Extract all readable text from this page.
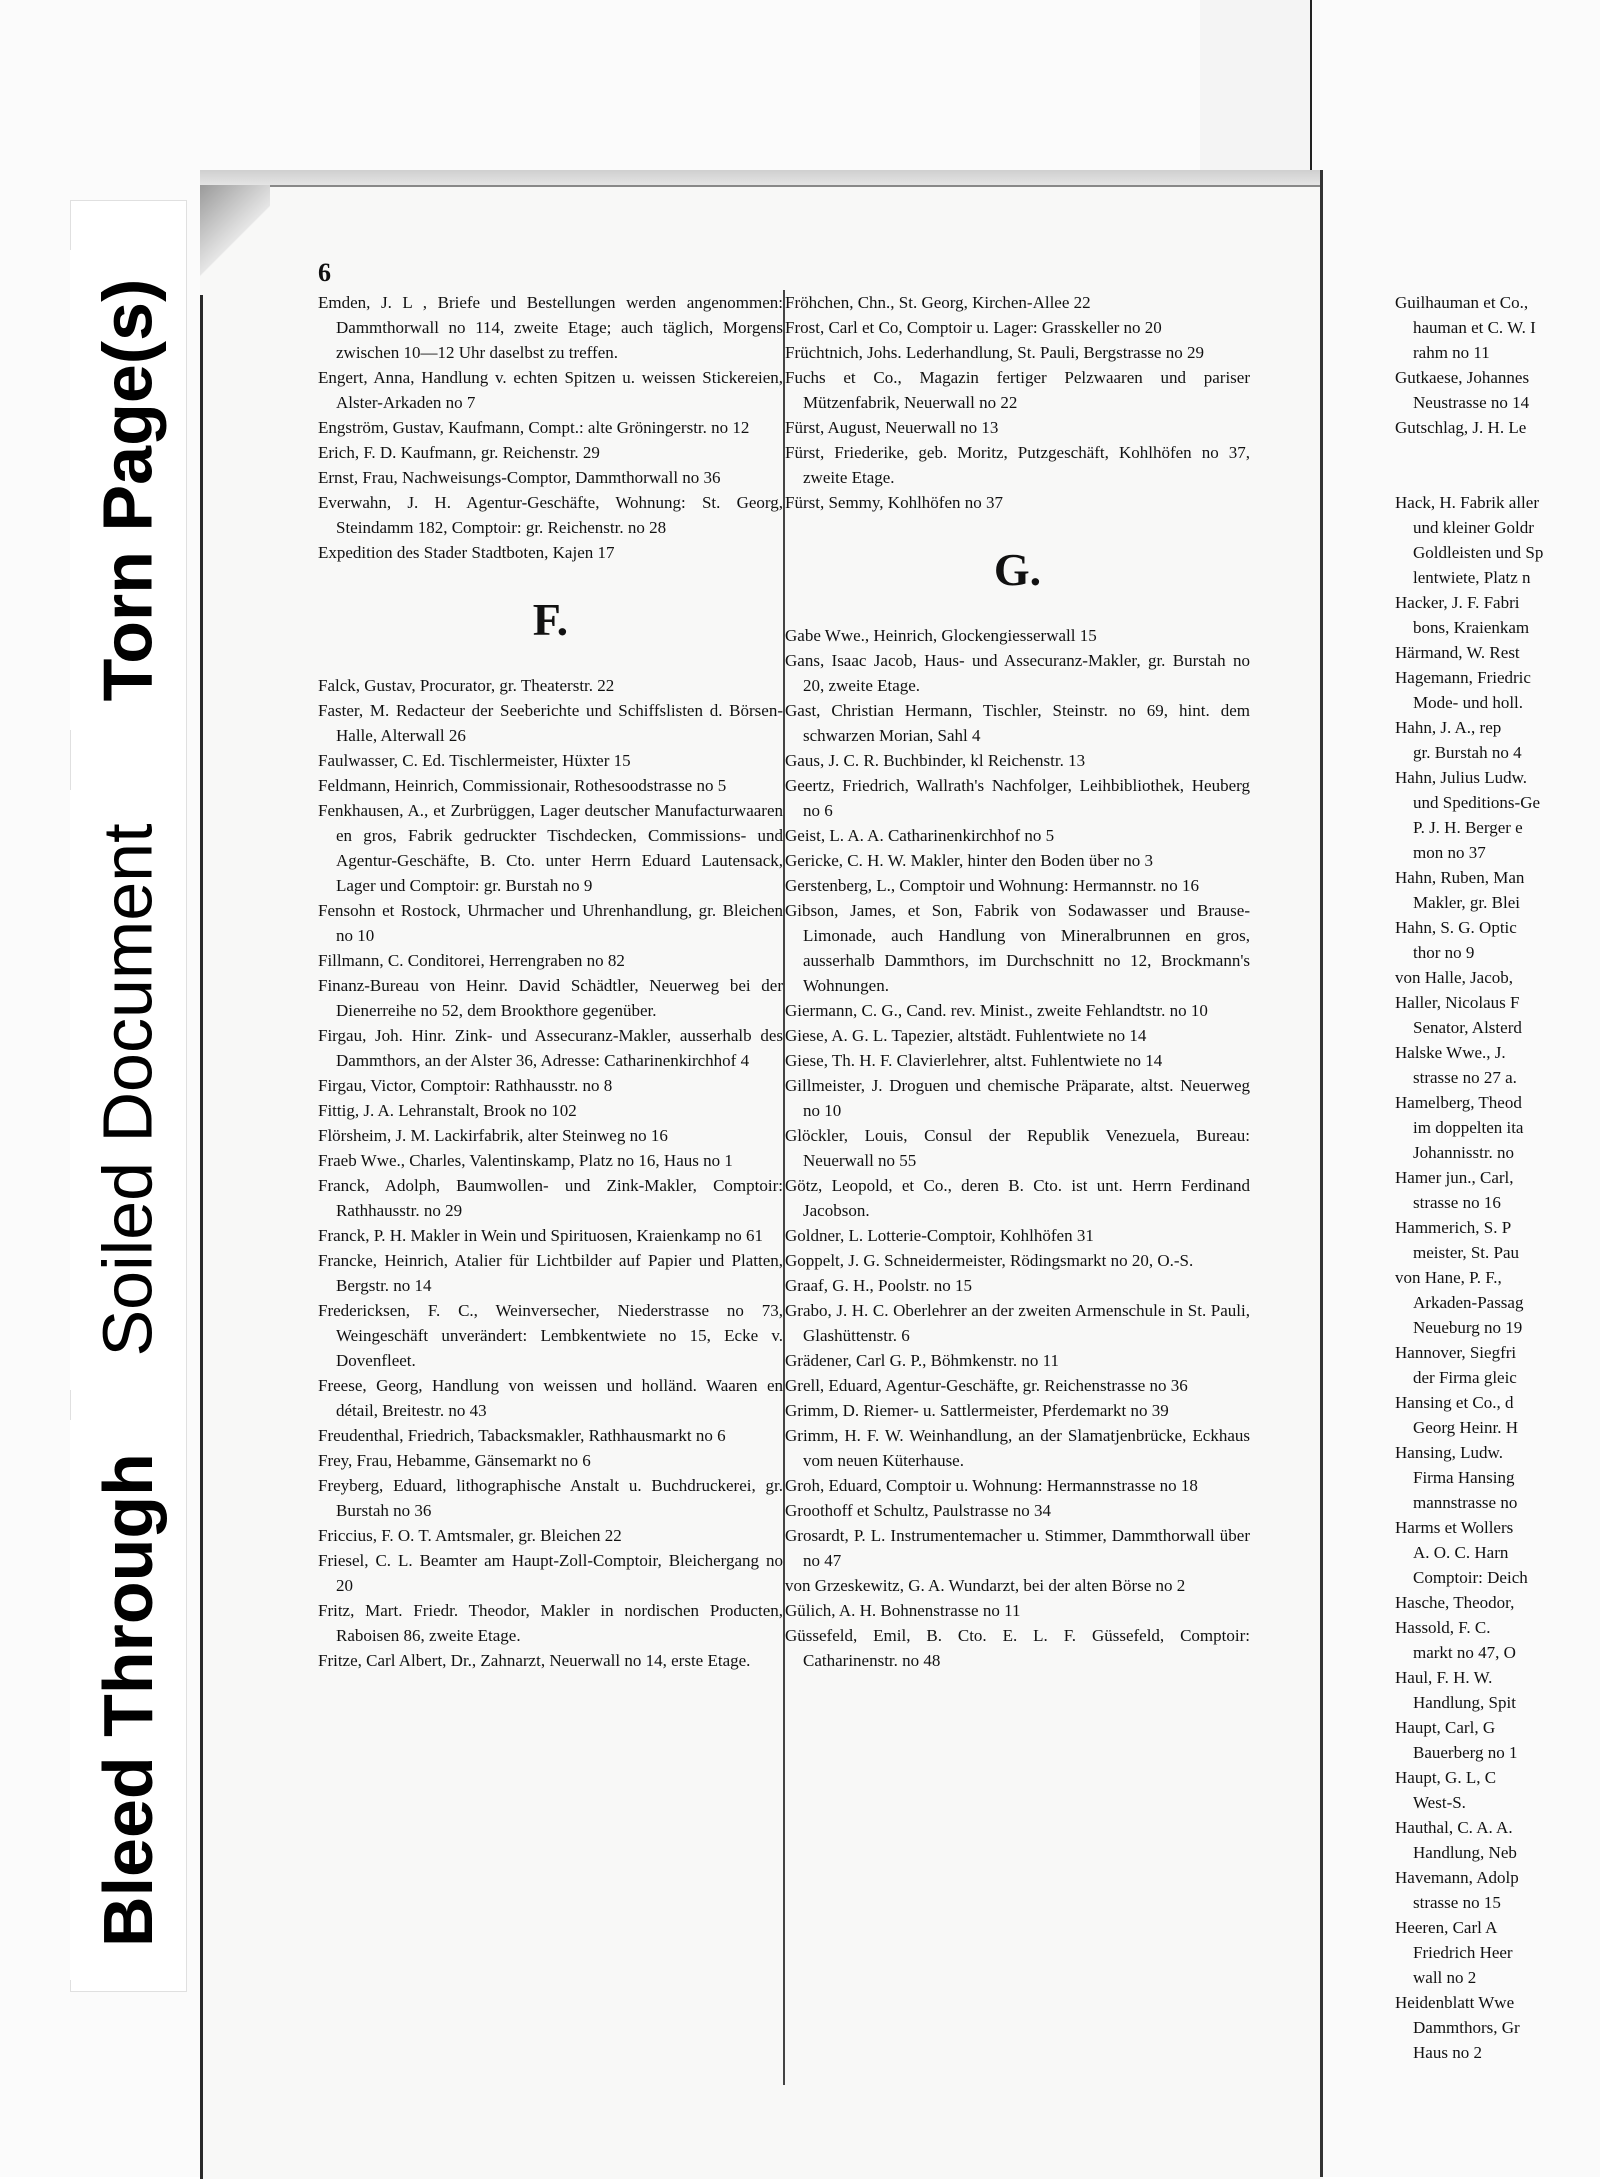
Torn Page(s)
Soiled Document
Bleed Through
6

Emden, J. L , Briefe und Bestellungen werden angenommen: Dammthorwall no 114, zweite Etage; auch täglich, Morgens zwischen 10—12 Uhr daselbst zu treffen.

Engert, Anna, Handlung v. echten Spitzen u. weissen Stickereien, Alster-Arkaden no 7

Engström, Gustav, Kaufmann, Compt.: alte Gröningerstr. no 12

Erich, F. D. Kaufmann, gr. Reichenstr. 29

Ernst, Frau, Nachweisungs-Comptor, Dammthorwall no 36

Everwahn, J. H. Agentur-Geschäfte, Wohnung: St. Georg, Steindamm 182, Comptoir: gr. Reichenstr. no 28

Expedition des Stader Stadtboten, Kajen 17

F.

Falck, Gustav, Procurator, gr. Theaterstr. 22

Faster, M. Redacteur der Seeberichte und Schiffslisten d. Börsen-Halle, Alterwall 26

Faulwasser, C. Ed. Tischlermeister, Hüxter 15

Feldmann, Heinrich, Commissionair, Rothesoodstrasse no 5

Fenkhausen, A., et Zurbrüggen, Lager deutscher Manufacturwaaren en gros, Fabrik gedruckter Tischdecken, Commissions- und Agentur-Geschäfte, B. Cto. unter Herrn Eduard Lautensack, Lager und Comptoir: gr. Burstah no 9

Fensohn et Rostock, Uhrmacher und Uhrenhandlung, gr. Bleichen no 10

Fillmann, C. Conditorei, Herrengraben no 82

Finanz-Bureau von Heinr. David Schädtler, Neuerweg bei der Dienerreihe no 52, dem Brookthore gegenüber.

Firgau, Joh. Hinr. Zink- und Assecuranz-Makler, ausserhalb des Dammthors, an der Alster 36, Adresse: Catharinenkirchhof 4

Firgau, Victor, Comptoir: Rathhausstr. no 8

Fittig, J. A. Lehranstalt, Brook no 102

Flörsheim, J. M. Lackirfabrik, alter Steinweg no 16

Fraeb Wwe., Charles, Valentinskamp, Platz no 16, Haus no 1

Franck, Adolph, Baumwollen- und Zink-Makler, Comptoir: Rathhausstr. no 29

Franck, P. H. Makler in Wein und Spirituosen, Kraienkamp no 61

Francke, Heinrich, Atalier für Lichtbilder auf Papier und Platten, Bergstr. no 14

Fredericksen, F. C., Weinversecher, Niederstrasse no 73, Weingeschäft unverändert: Lembkentwiete no 15, Ecke v. Dovenfleet.

Freese, Georg, Handlung von weissen und holländ. Waaren en détail, Breitestr. no 43

Freudenthal, Friedrich, Tabacksmakler, Rathhausmarkt no 6

Frey, Frau, Hebamme, Gänsemarkt no 6

Freyberg, Eduard, lithographische Anstalt u. Buchdruckerei, gr. Burstah no 36

Friccius, F. O. T. Amtsmaler, gr. Bleichen 22

Friesel, C. L. Beamter am Haupt-Zoll-Comptoir, Bleichergang no 20

Fritz, Mart. Friedr. Theodor, Makler in nordischen Producten, Raboisen 86, zweite Etage.

Fritze, Carl Albert, Dr., Zahnarzt, Neuerwall no 14, erste Etage.

Fröhchen, Chn., St. Georg, Kirchen-Allee 22

Frost, Carl et Co, Comptoir u. Lager: Grasskeller no 20

Früchtnich, Johs. Lederhandlung, St. Pauli, Bergstrasse no 29

Fuchs et Co., Magazin fertiger Pelzwaaren und pariser Mützenfabrik, Neuerwall no 22

Fürst, August, Neuerwall no 13

Fürst, Friederike, geb. Moritz, Putzgeschäft, Kohlhöfen no 37, zweite Etage.

Fürst, Semmy, Kohlhöfen no 37

G.

Gabe Wwe., Heinrich, Glockengiesserwall 15

Gans, Isaac Jacob, Haus- und Assecuranz-Makler, gr. Burstah no 20, zweite Etage.

Gast, Christian Hermann, Tischler, Steinstr. no 69, hint. dem schwarzen Morian, Sahl 4

Gaus, J. C. R. Buchbinder, kl Reichenstr. 13

Geertz, Friedrich, Wallrath's Nachfolger, Leihbibliothek, Heuberg no 6

Geist, L. A. A. Catharinenkirchhof no 5

Gericke, C. H. W. Makler, hinter den Boden über no 3

Gerstenberg, L., Comptoir und Wohnung: Hermannstr. no 16

Gibson, James, et Son, Fabrik von Sodawasser und Brause-Limonade, auch Handlung von Mineralbrunnen en gros, ausserhalb Dammthors, im Durchschnitt no 12, Brockmann's Wohnungen.

Giermann, C. G., Cand. rev. Minist., zweite Fehlandtstr. no 10

Giese, A. G. L. Tapezier, altstädt. Fuhlentwiete no 14

Giese, Th. H. F. Clavierlehrer, altst. Fuhlentwiete no 14

Gillmeister, J. Droguen und chemische Präparate, altst. Neuerweg no 10

Glöckler, Louis, Consul der Republik Venezuela, Bureau: Neuerwall no 55

Götz, Leopold, et Co., deren B. Cto. ist unt. Herrn Ferdinand Jacobson.

Goldner, L. Lotterie-Comptoir, Kohlhöfen 31

Goppelt, J. G. Schneidermeister, Rödingsmarkt no 20, O.-S.

Graaf, G. H., Poolstr. no 15

Grabo, J. H. C. Oberlehrer an der zweiten Armenschule in St. Pauli, Glashüttenstr. 6

Grädener, Carl G. P., Böhmkenstr. no 11

Grell, Eduard, Agentur-Geschäfte, gr. Reichenstrasse no 36

Grimm, D. Riemer- u. Sattlermeister, Pferdemarkt no 39

Grimm, H. F. W. Weinhandlung, an der Slamatjenbrücke, Eckhaus vom neuen Küterhause.

Groh, Eduard, Comptoir u. Wohnung: Hermannstrasse no 18

Groothoff et Schultz, Paulstrasse no 34

Grosardt, P. L. Instrumentemacher u. Stimmer, Dammthorwall über no 47

von Grzeskewitz, G. A. Wundarzt, bei der alten Börse no 2

Gülich, A. H. Bohnenstrasse no 11

Güssefeld, Emil, B. Cto. E. L. F. Güssefeld, Comptoir: Catharinenstr. no 48

Guilhauman et Co.,

hauman et C. W. I

rahm no 11

Gutkaese, Johannes

Neustrasse no 14

Gutschlag, J. H. Le

Hack, H. Fabrik aller

und kleiner Goldr

Goldleisten und Sp

lentwiete, Platz n

Hacker, J. F. Fabri

bons, Kraienkam

Härmand, W. Rest

Hagemann, Friedric

Mode- und holl.

Hahn, J. A., rep

gr. Burstah no 4

Hahn, Julius Ludw.

und Speditions-Ge

P. J. H. Berger e

mon no 37

Hahn, Ruben, Man

Makler, gr. Blei

Hahn, S. G. Optic

thor no 9

von Halle, Jacob,

Haller, Nicolaus F

Senator, Alsterd

Halske Wwe., J.

strasse no 27 a.

Hamelberg, Theod

im doppelten ita

Johannisstr. no

Hamer jun., Carl,

strasse no 16

Hammerich, S. P

meister, St. Pau

von Hane, P. F.,

Arkaden-Passag

Neueburg no 19

Hannover, Siegfri

der Firma gleic

Hansing et Co., d

Georg Heinr. H

Hansing, Ludw.

Firma Hansing

mannstrasse no

Harms et Wollers

A. O. C. Harn

Comptoir: Deich

Hasche, Theodor,

Hassold, F. C.

markt no 47, O

Haul, F. H. W.

Handlung, Spit

Haupt, Carl, G

Bauerberg no 1

Haupt, G. L, C

West-S.

Hauthal, C. A. A.

Handlung, Neb

Havemann, Adolp

strasse no 15

Heeren, Carl A

Friedrich Heer

wall no 2

Heidenblatt Wwe

Dammthors, Gr

Haus no 2
